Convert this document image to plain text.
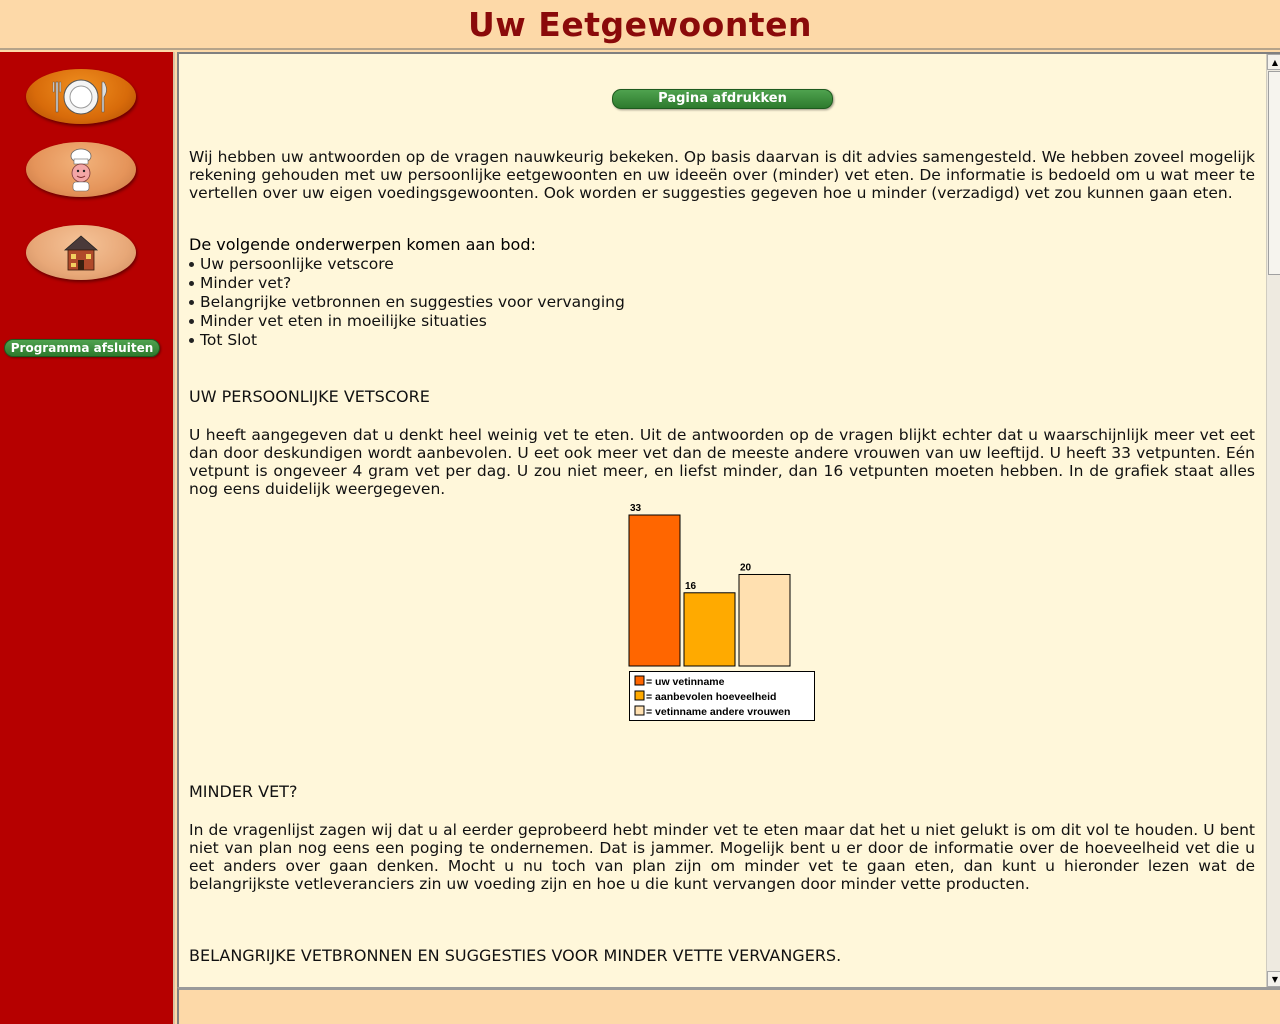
Uw Eetgewoonten
Programma afsluiten
Pagina afdrukken

Wij hebben uw antwoorden op de vragen nauwkeurig bekeken. Op basis daarvan is dit advies samengesteld. We hebben zoveel mogelijk rekening gehouden met uw persoonlijke eetgewoonten en uw ideeën over (minder) vet eten. De informatie is bedoeld om u wat meer te vertellen over uw eigen voedingsgewoonten. Ook worden er suggesties gegeven hoe u minder (verzadigd) vet zou kunnen gaan eten.

De volgende onderwerpen komen aan bod:
Uw persoonlijke vetscore
Minder vet?
Belangrijke vetbronnen en suggesties voor vervanging
Minder vet eten in moeilijke situaties
Tot Slot
UW PERSOONLIJKE VETSCORE

U heeft aangegeven dat u denkt heel weinig vet te eten. Uit de antwoorden op de vragen blijkt echter dat u waarschijnlijk meer vet eet dan door deskundigen wordt aanbevolen. U eet ook meer vet dan de meeste andere vrouwen van uw leeftijd. U heeft 33 vetpunten. Eén vetpunt is ongeveer 4 gram vet per dag. U zou niet meer, en liefst minder, dan 16 vetpunten moeten hebben. In de grafiek staat alles nog eens duidelijk weergegeven.

33
16
20
= uw vetinname
= aanbevolen hoeveelheid
= vetinname andere vrouwen
MINDER VET?

In de vragenlijst zagen wij dat u al eerder geprobeerd hebt minder vet te eten maar dat het u niet gelukt is om dit vol te houden. U bent niet van plan nog eens een poging te ondernemen. Dat is jammer. Mogelijk bent u er door de informatie over de hoeveelheid vet die u eet anders over gaan denken. Mocht u nu toch van plan zijn om minder vet te gaan eten, dan kunt u hieronder lezen wat de belangrijkste vetleveranciers zin uw voeding zijn en hoe u die kunt vervangen door minder vette producten.

BELANGRIJKE VETBRONNEN EN SUGGESTIES VOOR MINDER VETTE VERVANGERS.
▲
▼
